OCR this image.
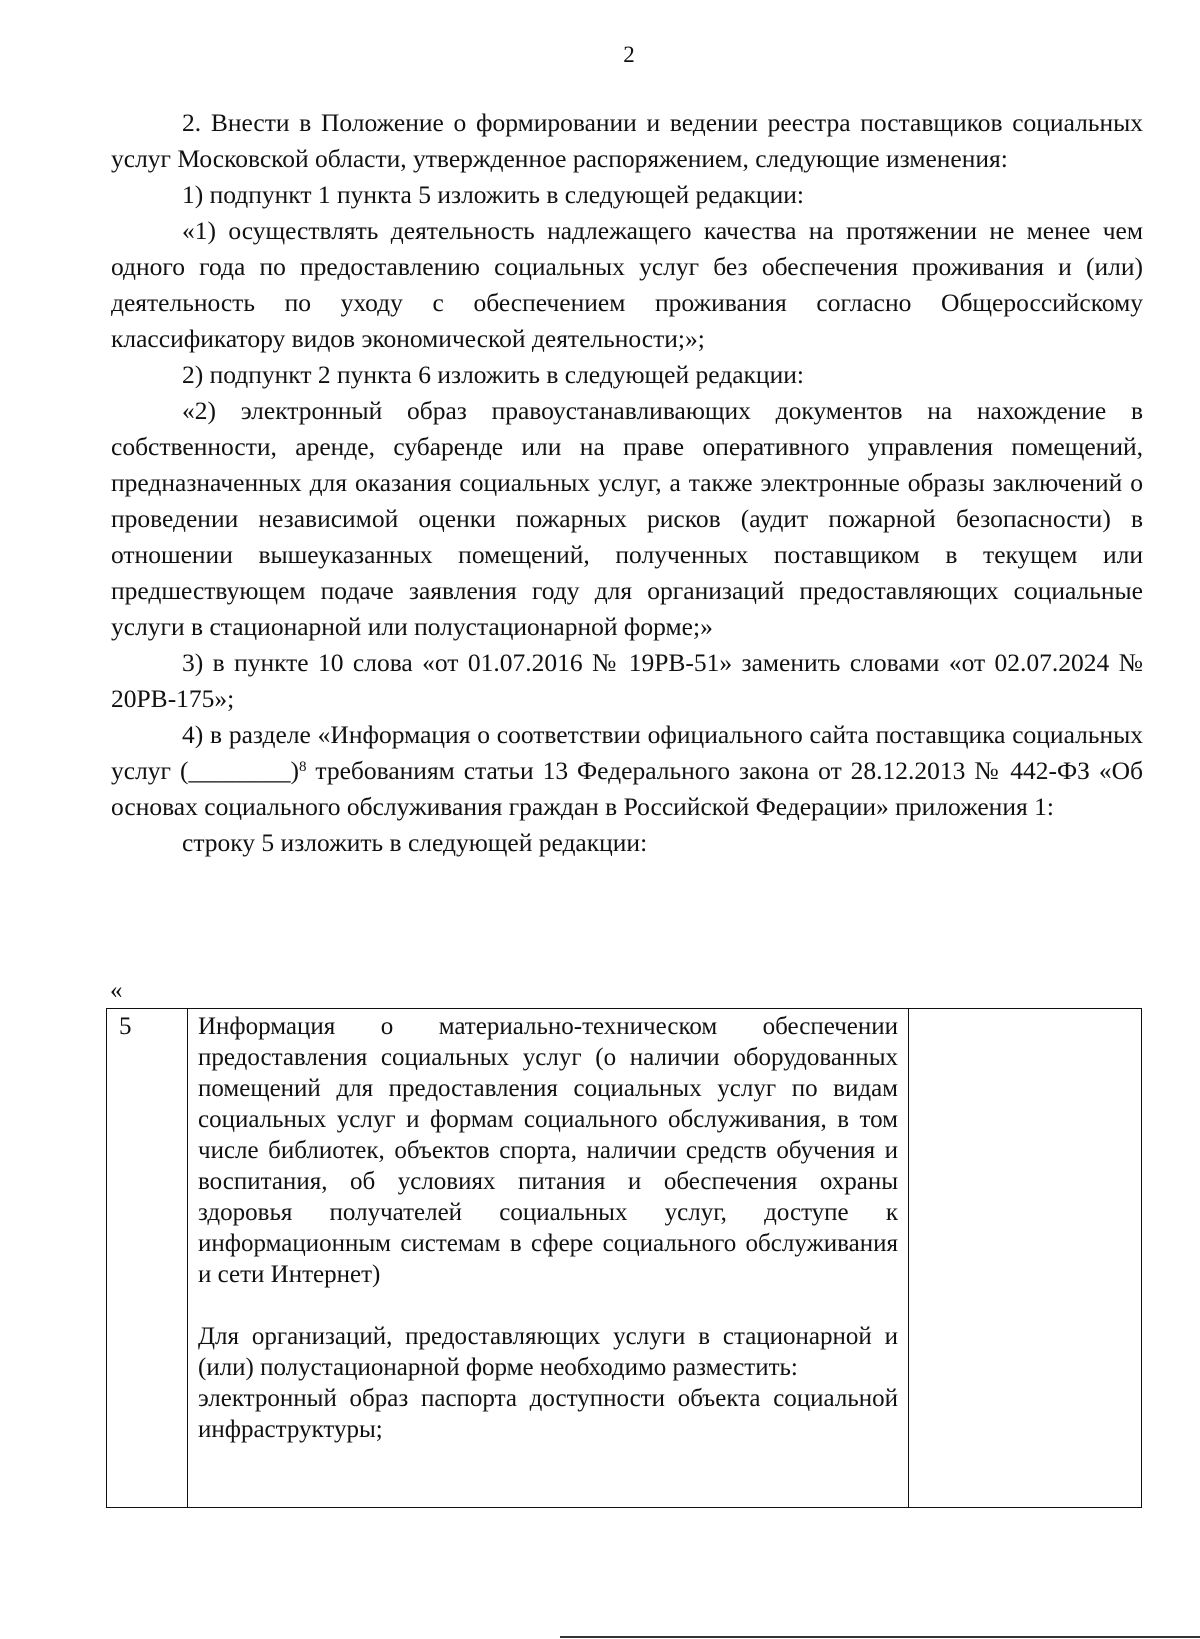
2

2. Внести в Положение о формировании и ведении реестра поставщиков социальных услуг Московской области, утвержденное распоряжением, следующие изменения:

1) подпункт 1 пункта 5 изложить в следующей редакции:

«1) осуществлять деятельность надлежащего качества на протяжении не менее чем одного года по предоставлению социальных услуг без обеспечения проживания и (или) деятельность по уходу с обеспечением проживания согласно Общероссийскому классификатору видов экономической деятельности;»;

2) подпункт 2 пункта 6 изложить в следующей редакции:

«2) электронный образ правоустанавливающих документов на нахождение в собственности, аренде, субаренде или на праве оперативного управления помещений, предназначенных для оказания социальных услуг, а также электронные образы заключений о проведении независимой оценки пожарных рисков (аудит пожарной безопасности) в отношении вышеуказанных помещений, полученных поставщиком в текущем или предшествующем подаче заявления году для организаций предоставляющих социальные услуги в стационарной или полустационарной форме;»

3) в пункте 10 слова «от 01.07.2016 № 19РВ-51» заменить словами «от 02.07.2024 № 20РВ-175»;

4) в разделе «Информация о соответствии официального сайта поставщика социальных услуг (________)$^8$ требованиям статьи 13 Федерального закона от 28.12.2013 № 442-ФЗ «Об основах социального обслуживания граждан в Российской Федерации» приложения 1:

строку 5 изложить в следующей редакции:

«
5	Информация о материально-техническом обеспечении предоставления социальных услуг (о наличии оборудованных помещений для предоставления социальных услуг по видам социальных услуг и формам социального обслуживания, в том числе библиотек, объектов спорта, наличии средств обучения и воспитания, об условиях питания и обеспечения охраны здоровья получателей социальных услуг, доступе к информационным системам в сфере социального обслуживания и сети Интернет)

Для организаций, предоставляющих услуги в стационарной и (или) полустационарной форме необходимо разместить:

электронный образ паспорта доступности объекта социальной инфраструктуры;
